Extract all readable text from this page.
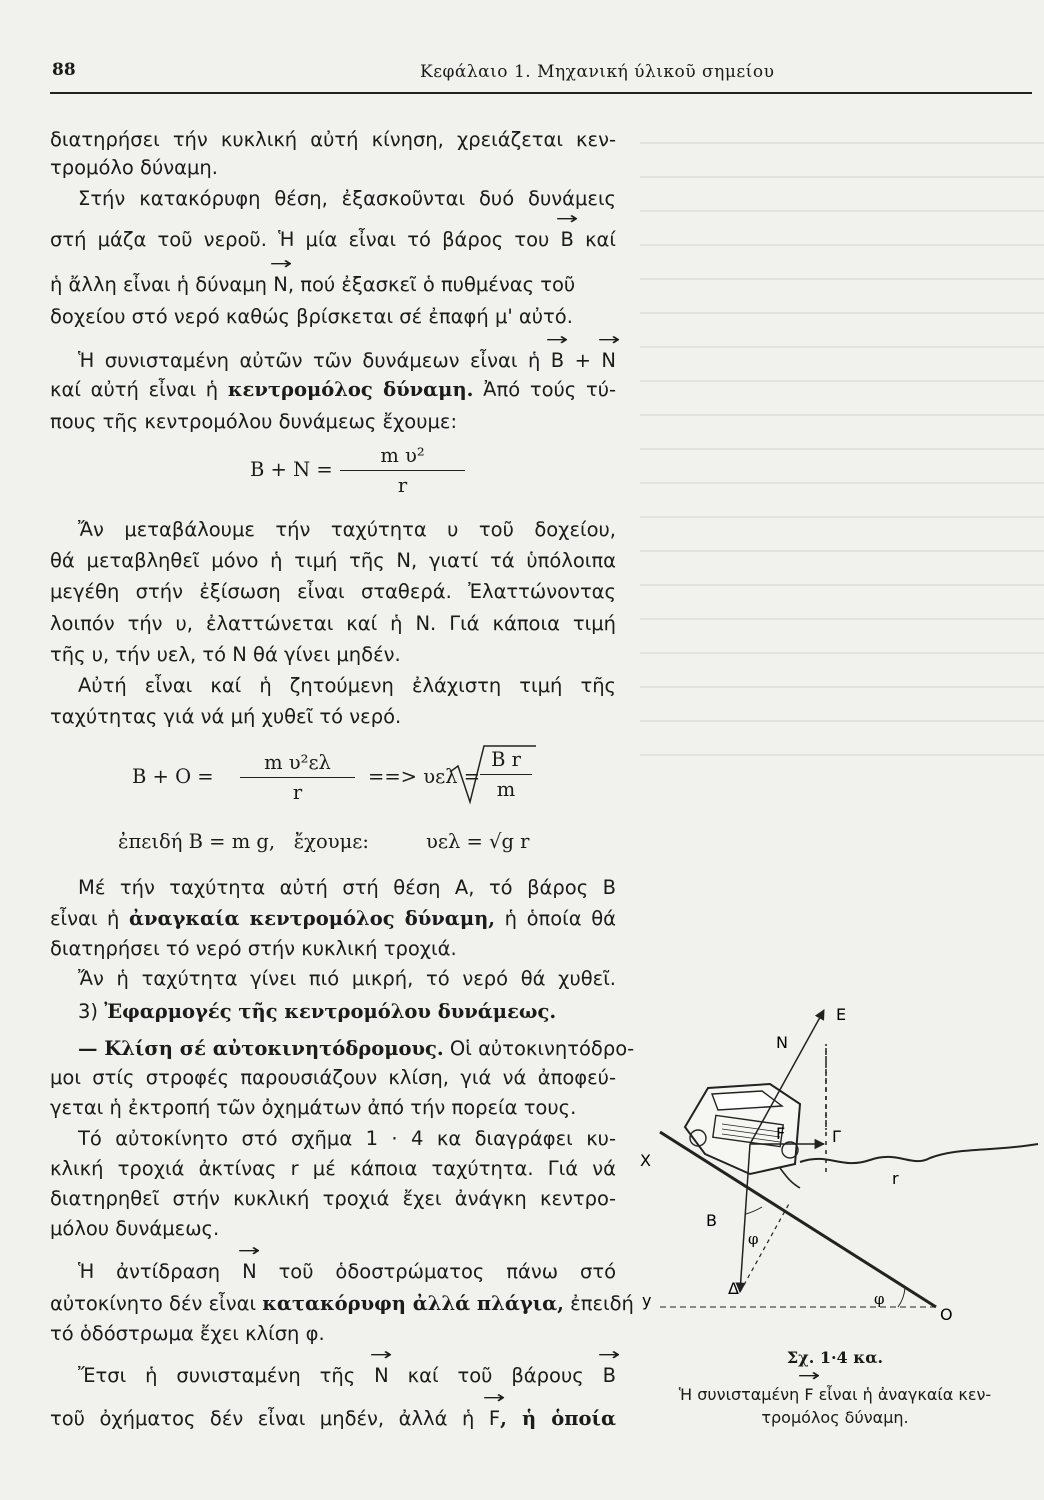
88	Κεφάλαιο 1. Μηχανική ύλικοῦ σημείου
διατηρήσει τήν κυκλική αὐτή κίνηση, χρειάζεται κεν-
τρομόλο δύναμη.
Στήν κατακόρυφη θέση, ἐξασκοῦνται δυό δυνάμεις
στή μάζα τοῦ νεροῦ. Ἡ μία εἶναι τό βάρος του → B καί
ἡ ἄλλη εἶναι ἡ δύναμη → N, πού ἐξασκεῖ ὁ πυθμένας τοῦ
δοχείου στό νερό καθώς βρίσκεται σέ ἐπαφή μ' αὐτό.
Ἡ συνισταμένη αὐτῶν τῶν δυνάμεων εἶναι ἡ → B + → N
καί αὐτή εἶναι ἡ κεντρομόλος δύναμη. Ἀπό τούς τύ-
πους τῆς κεντρομόλου δυνάμεως ἔχουμε:
B + N =
m υ²
r
Ἄν μεταβάλουμε τήν ταχύτητα υ τοῦ δοχείου,
θά μεταβληθεῖ μόνο ἡ τιμή τῆς N, γιατί τά ὑπόλοιπα
μεγέθη στήν ἐξίσωση εἶναι σταθερά. Ἐλαττώνοντας
λοιπόν τήν υ, ἐλαττώνεται καί ἡ N. Γιά κάποια τιμή
τῆς υ, τήν υελ, τό N θά γίνει μηδέν.
Αὐτή εἶναι καί ἡ ζητούμενη ἐλάχιστη τιμή τῆς
ταχύτητας γιά νά μή χυθεῖ τό νερό.
B + O =
m υ²ελ
r
==> υελ =
B r
m
ἐπειδή B = m g, ἔχουμε:	υελ = √g r
Μέ τήν ταχύτητα αὐτή στή θέση A, τό βάρος B
εἶναι ἡ ἀναγκαία κεντρομόλος δύναμη, ἡ ὁποία θά
διατηρήσει τό νερό στήν κυκλική τροχιά.
Ἄν ἡ ταχύτητα γίνει πιό μικρή, τό νερό θά χυθεῖ.
3) Ἐφαρμογές τῆς κεντρομόλου δυνάμεως.
— Κλίση σέ αὐτοκινητόδρομους. Οἱ αὐτοκινητόδρο-
μοι στίς στροφές παρουσιάζουν κλίση, γιά νά ἀποφεύ-
γεται ἡ ἐκτροπή τῶν ὀχημάτων ἀπό τήν πορεία τους.
Τό αὐτοκίνητο στό σχῆμα 1 · 4 κα διαγράφει κυ-
κλική τροχιά ἀκτίνας r μέ κάποια ταχύτητα. Γιά νά
διατηρηθεῖ στήν κυκλική τροχιά ἔχει ἀνάγκη κεντρο-
μόλου δυνάμεως.
Ἡ ἀντίδραση → N τοῦ ὁδοστρώματος πάνω στό
αὐτοκίνητο δέν εἶναι κατακόρυφη ἀλλά πλάγια, ἐπειδή
τό ὁδόστρωμα ἔχει κλίση φ.
Ἔτσι ἡ συνισταμένη τῆς → N καί τοῦ βάρους → B
τοῦ ὀχήματος δέν εἶναι μηδέν, ἀλλά ἡ → F, ἡ ὁποία
E
N
F	Γ
X
r
B
φ
Δ
y	φ
O
Σχ. 1·4 κα.
Ἡ συνισταμένη → F εἶναι ἡ ἀναγκαία κεν-
τρομόλος δύναμη.
